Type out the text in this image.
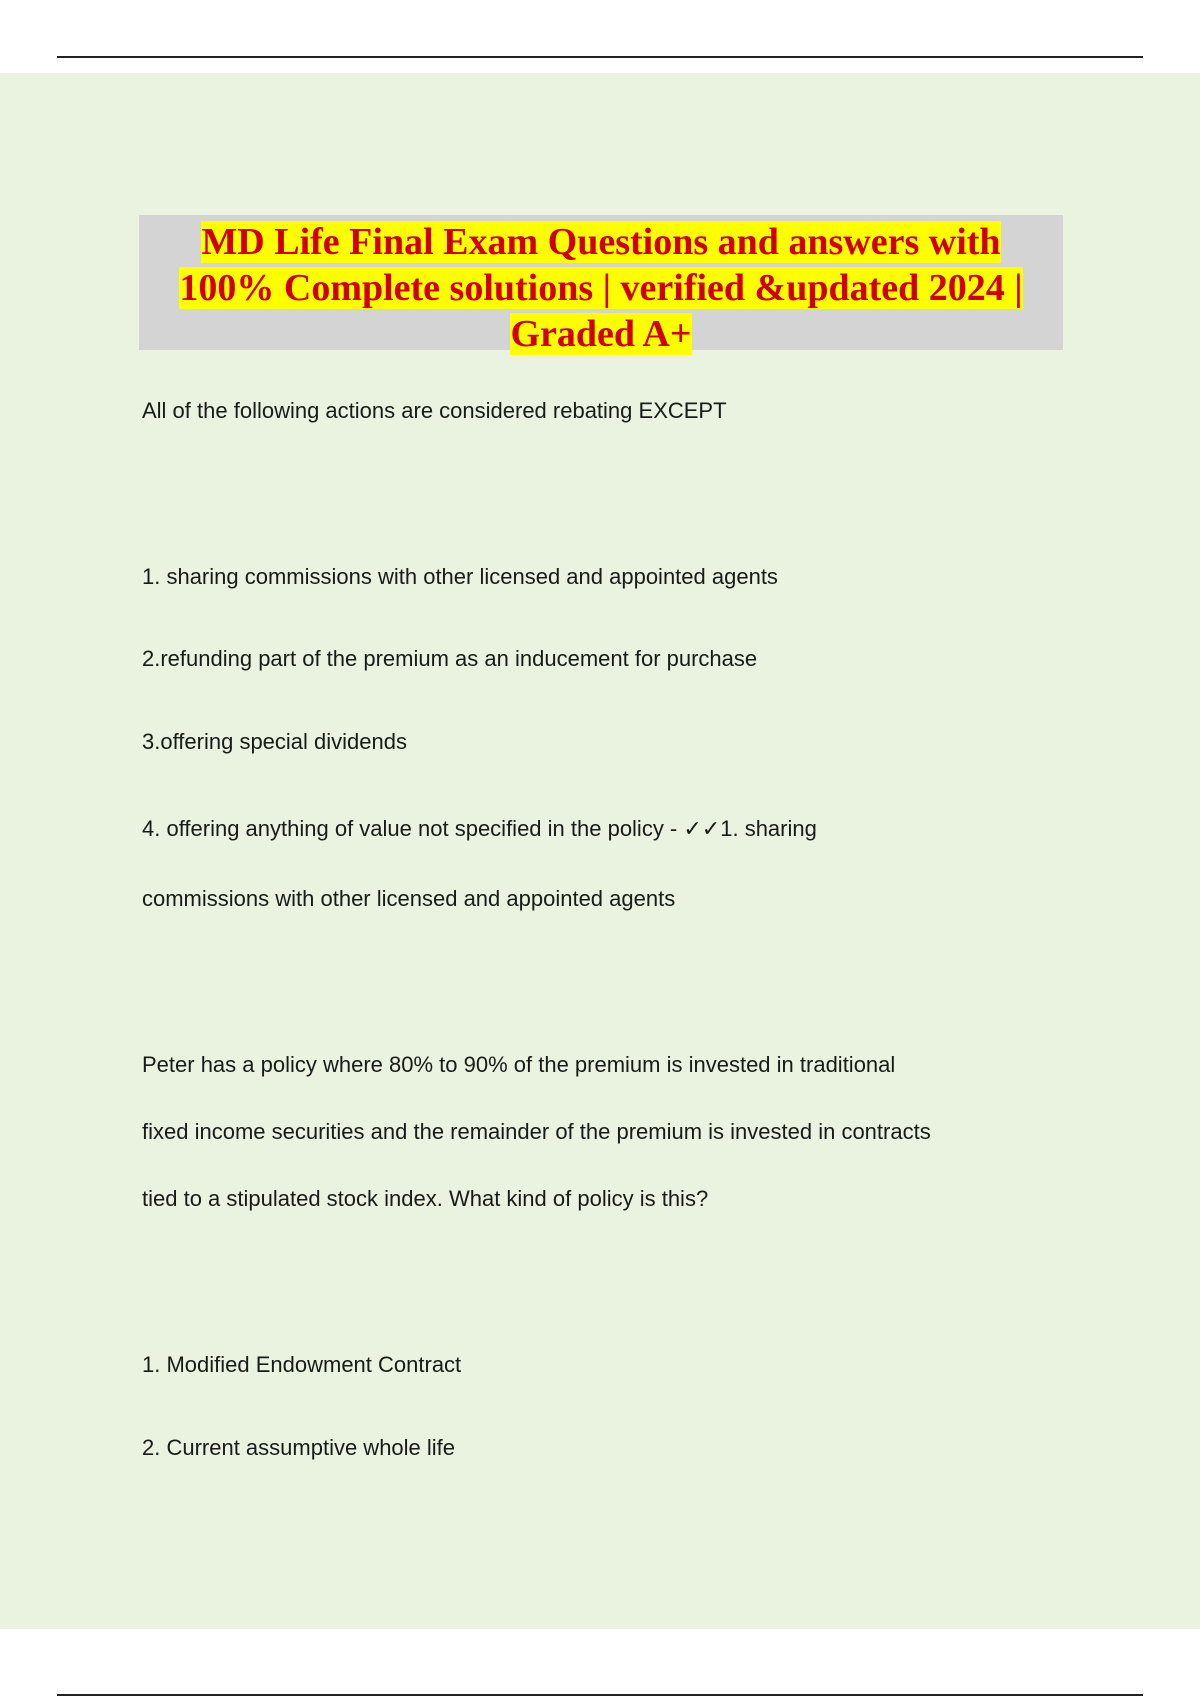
MD Life Final Exam Questions and answers with
100% Complete solutions | verified &updated 2024 |
Graded A+

All of the following actions are considered rebating EXCEPT

1. sharing commissions with other licensed and appointed agents

2.refunding part of the premium as an inducement for purchase

3.offering special dividends

4. offering anything of value not specified in the policy - ✓✓1. sharing

commissions with other licensed and appointed agents

Peter has a policy where 80% to 90% of the premium is invested in traditional

fixed income securities and the remainder of the premium is invested in contracts

tied to a stipulated stock index. What kind of policy is this?

1. Modified Endowment Contract

2. Current assumptive whole life
